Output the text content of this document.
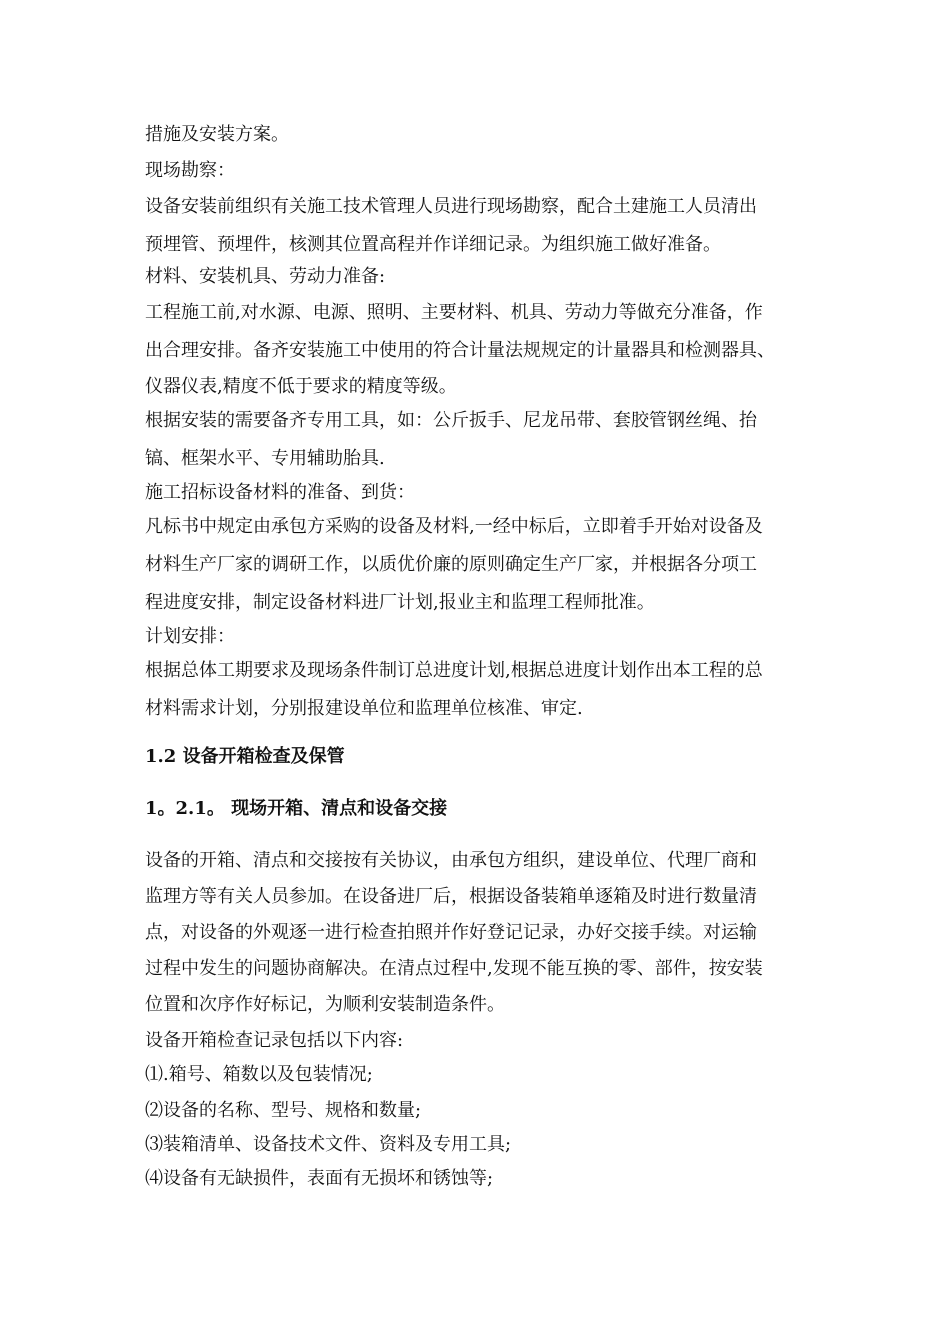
措施及安装方案。
现场勘察：
设备安装前组织有关施工技术管理人员进行现场勘察，配合土建施工人员清出
预埋管、预埋件，核测其位置高程并作详细记录。为组织施工做好准备。
材料、安装机具、劳动力准备:
工程施工前,对水源、电源、照明、主要材料、机具、劳动力等做充分准备，作
出合理安排。备齐安装施工中使用的符合计量法规规定的计量器具和检测器具、
仪器仪表,精度不低于要求的精度等级。
根据安装的需要备齐专用工具，如：公斤扳手、尼龙吊带、套胶管钢丝绳、抬
镐、框架水平、专用辅助胎具.
施工招标设备材料的准备、到货：
凡标书中规定由承包方采购的设备及材料,一经中标后，立即着手开始对设备及
材料生产厂家的调研工作，以质优价廉的原则确定生产厂家，并根据各分项工
程进度安排，制定设备材料进厂计划,报业主和监理工程师批准。
计划安排：
根据总体工期要求及现场条件制订总进度计划,根据总进度计划作出本工程的总
材料需求计划，分别报建设单位和监理单位核准、审定.
1.2 设备开箱检查及保管
1。2.1。 现场开箱、清点和设备交接
设备的开箱、清点和交接按有关协议，由承包方组织，建设单位、代理厂商和
监理方等有关人员参加。在设备进厂后，根据设备装箱单逐箱及时进行数量清
点，对设备的外观逐一进行检查拍照并作好登记记录，办好交接手续。对运输
过程中发生的问题协商解决。在清点过程中,发现不能互换的零、部件，按安装
位置和次序作好标记，为顺利安装制造条件。
设备开箱检查记录包括以下内容:
⑴.箱号、箱数以及包装情况;
⑵设备的名称、型号、规格和数量;
⑶装箱清单、设备技术文件、资料及专用工具;
⑷设备有无缺损件，表面有无损坏和锈蚀等;
